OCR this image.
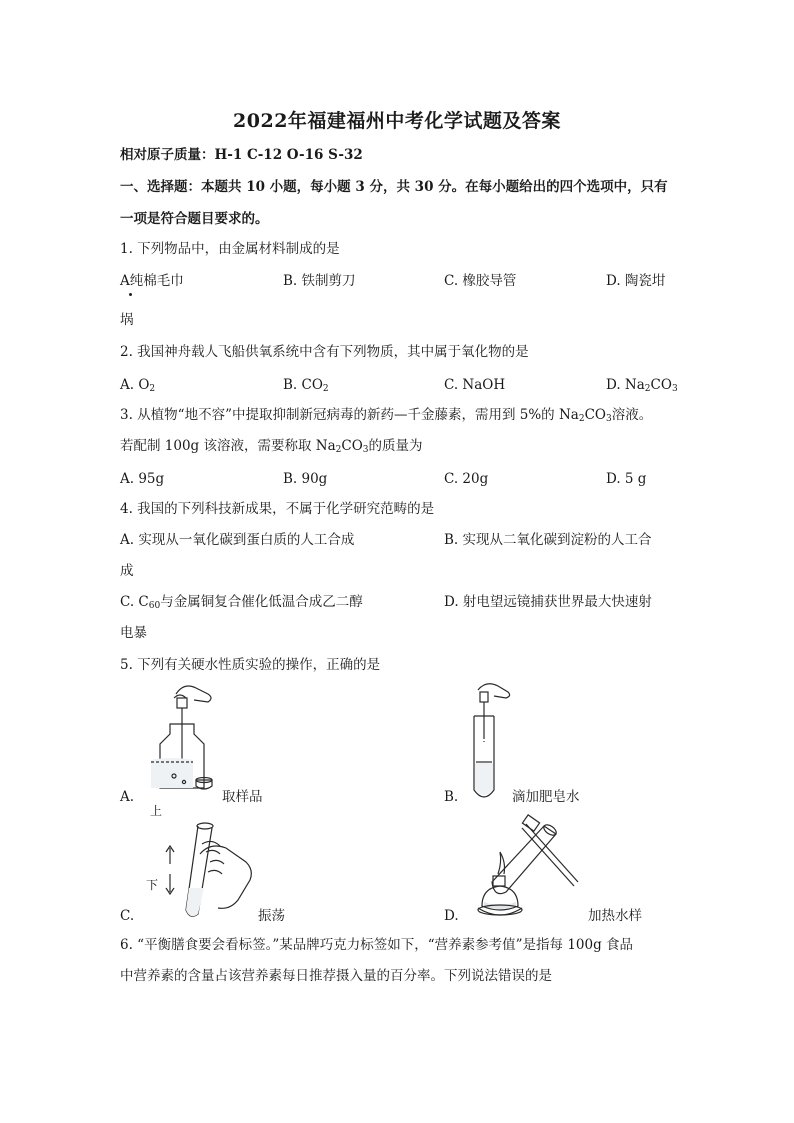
2022年福建福州中考化学试题及答案
相对原子质量：H-1 C-12 O-16 S-32
一、选择题：本题共 10 小题，每小题 3 分，共 30 分。在每小题给出的四个选项中，只有
一项是符合题目要求的。
1. 下列物品中，由金属材料制成的是
A纯棉毛巾	B. 铁制剪刀	C. 橡胶导管	D. 陶瓷坩
埚
2. 我国神舟载人飞船供氧系统中含有下列物质，其中属于氧化物的是
A. $O_2$	B. $CO_2$	C. NaOH	D. $Na_2CO_3$
3. 从植物“地不容”中提取抑制新冠病毒的新药—千金藤素，需用到 5%的 $Na_2CO_3$溶液。
若配制 100g 该溶液，需要称取 $Na_2CO_3$的质量为
A. 95g	B. 90g	C. 20g	D. 5 g
4. 我国的下列科技新成果，不属于化学研究范畴的是
A. 实现从一氧化碳到蛋白质的人工合成	B. 实现从二氧化碳到淀粉的人工合
成
C. $C_{60}$与金属铜复合催化低温合成乙二醇	D. 射电望远镜捕获世界最大快速射
电暴
5. 下列有关硬水性质实验的操作，正确的是
A.	取样品	B.	滴加肥皂水
上
下
C.	振荡	D.	加热水样
6. “平衡膳食要会看标签。”某品牌巧克力标签如下，“营养素参考值”是指每 100g 食品
中营养素的含量占该营养素每日推荐摄入量的百分率。下列说法错误的是
